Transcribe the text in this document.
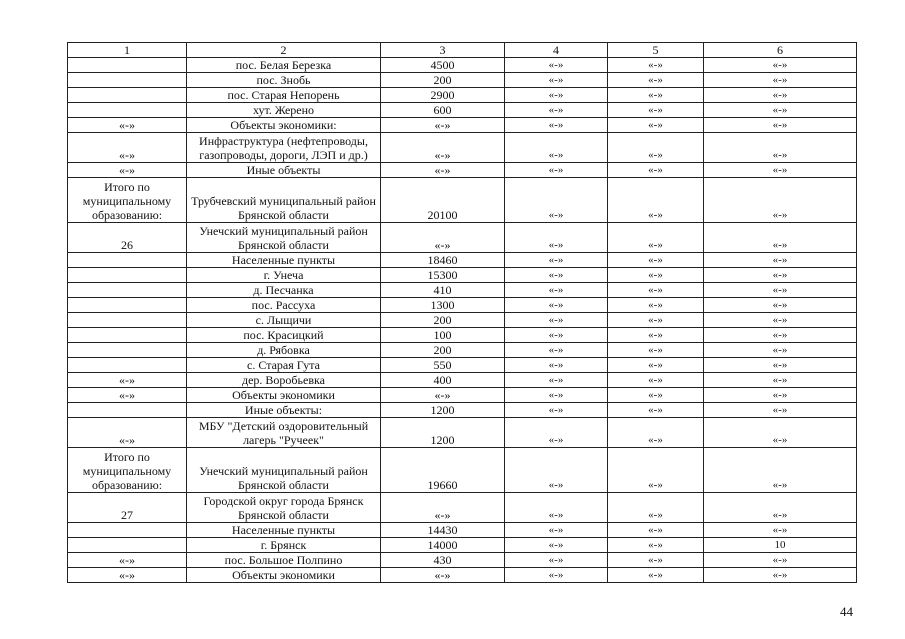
1	2	3	4	5	6
	пос. Белая Березка	4500	«-»	«-»	«-»
	пос. Знобь	200	«-»	«-»	«-»
	пос. Старая Непорень	2900	«-»	«-»	«-»
	хут. Жерено	600	«-»	«-»	«-»
«-»	Объекты экономики:	«-»	«-»	«-»	«-»
«-»	Инфраструктура (нефтепроводы, газопроводы, дороги, ЛЭП и др.)	«-»	«-»	«-»	«-»
«-»	Иные объекты	«-»	«-»	«-»	«-»
Итого по муниципальному образованию:	Трубчевский муниципальный район Брянской области	20100	«-»	«-»	«-»
26	Унечский муниципальный район Брянской области	«-»	«-»	«-»	«-»
	Населенные пункты	18460	«-»	«-»	«-»
	г. Унеча	15300	«-»	«-»	«-»
	д. Песчанка	410	«-»	«-»	«-»
	пос. Рассуха	1300	«-»	«-»	«-»
	с. Лыщичи	200	«-»	«-»	«-»
	пос. Красицкий	100	«-»	«-»	«-»
	д. Рябовка	200	«-»	«-»	«-»
	с. Старая Гута	550	«-»	«-»	«-»
«-»	дер. Воробьевка	400	«-»	«-»	«-»
«-»	Объекты экономики	«-»	«-»	«-»	«-»
	Иные объекты:	1200	«-»	«-»	«-»
«-»	МБУ "Детский оздоровительный лагерь "Ручеек"	1200	«-»	«-»	«-»
Итого по муниципальному образованию:	Унечский муниципальный район Брянской области	19660	«-»	«-»	«-»
27	Городской округ города Брянск Брянской области	«-»	«-»	«-»	«-»
	Населенные пункты	14430	«-»	«-»	«-»
	г. Брянск	14000	«-»	«-»	10
«-»	пос. Большое Полпино	430	«-»	«-»	«-»
«-»	Объекты экономики	«-»	«-»	«-»	«-»
44
